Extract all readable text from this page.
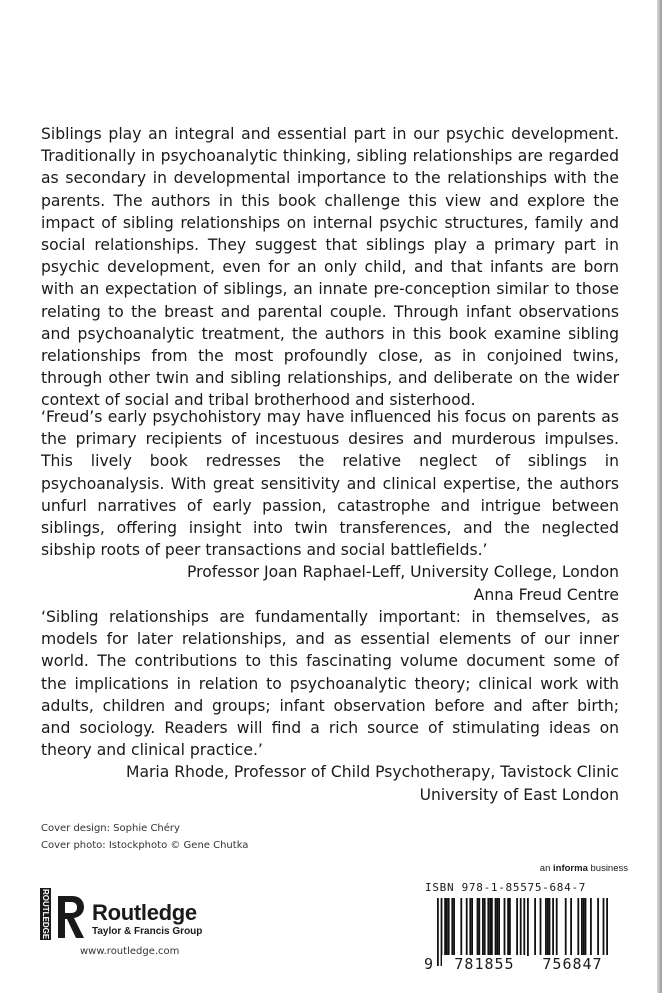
Siblings play an integral and essential part in our psychic development. Traditionally in psychoanalytic thinking, sibling relationships are regarded as secondary in developmental importance to the relationships with the parents. The authors in this book challenge this view and explore the impact of sibling relationships on internal psychic structures, family and social relationships. They suggest that siblings play a primary part in psychic development, even for an only child, and that infants are born with an expectation of siblings, an innate pre-conception similar to those relating to the breast and parental couple. Through infant observations and psychoanalytic treatment, the authors in this book examine sibling relationships from the most profoundly close, as in conjoined twins, through other twin and sibling relationships, and deliberate on the wider context of social and tribal brotherhood and sisterhood.

‘Freud’s early psychohistory may have influenced his focus on parents as the primary recipients of incestuous desires and murderous impulses. This lively book redresses the relative neglect of siblings in psychoanalysis. With great sensitivity and clinical expertise, the authors unfurl narratives of early passion, catastrophe and intrigue between siblings, offering insight into twin transferences, and the neglected sibship roots of peer transactions and social battlefields.’
Professor Joan Raphael-Leff, University College, London
Anna Freud Centre
‘Sibling relationships are fundamentally important: in themselves, as models for later relationships, and as essential elements of our inner world. The contributions to this fascinating volume document some of the implications in relation to psychoanalytic theory; clinical work with adults, children and groups; infant observation before and after birth; and sociology. Readers will find a rich source of stimulating ideas on theory and clinical practice.’
Maria Rhode, Professor of Child Psychotherapy, Tavistock Clinic
University of East London
Cover design: Sophie Chéry
Cover photo: Istockphoto © Gene Chutka
ROUTLEDGE Routledge
Taylor & Francis Group
www.routledge.com
an informa business
ISBN 978-1-85575-684-7
9	781855	756847
